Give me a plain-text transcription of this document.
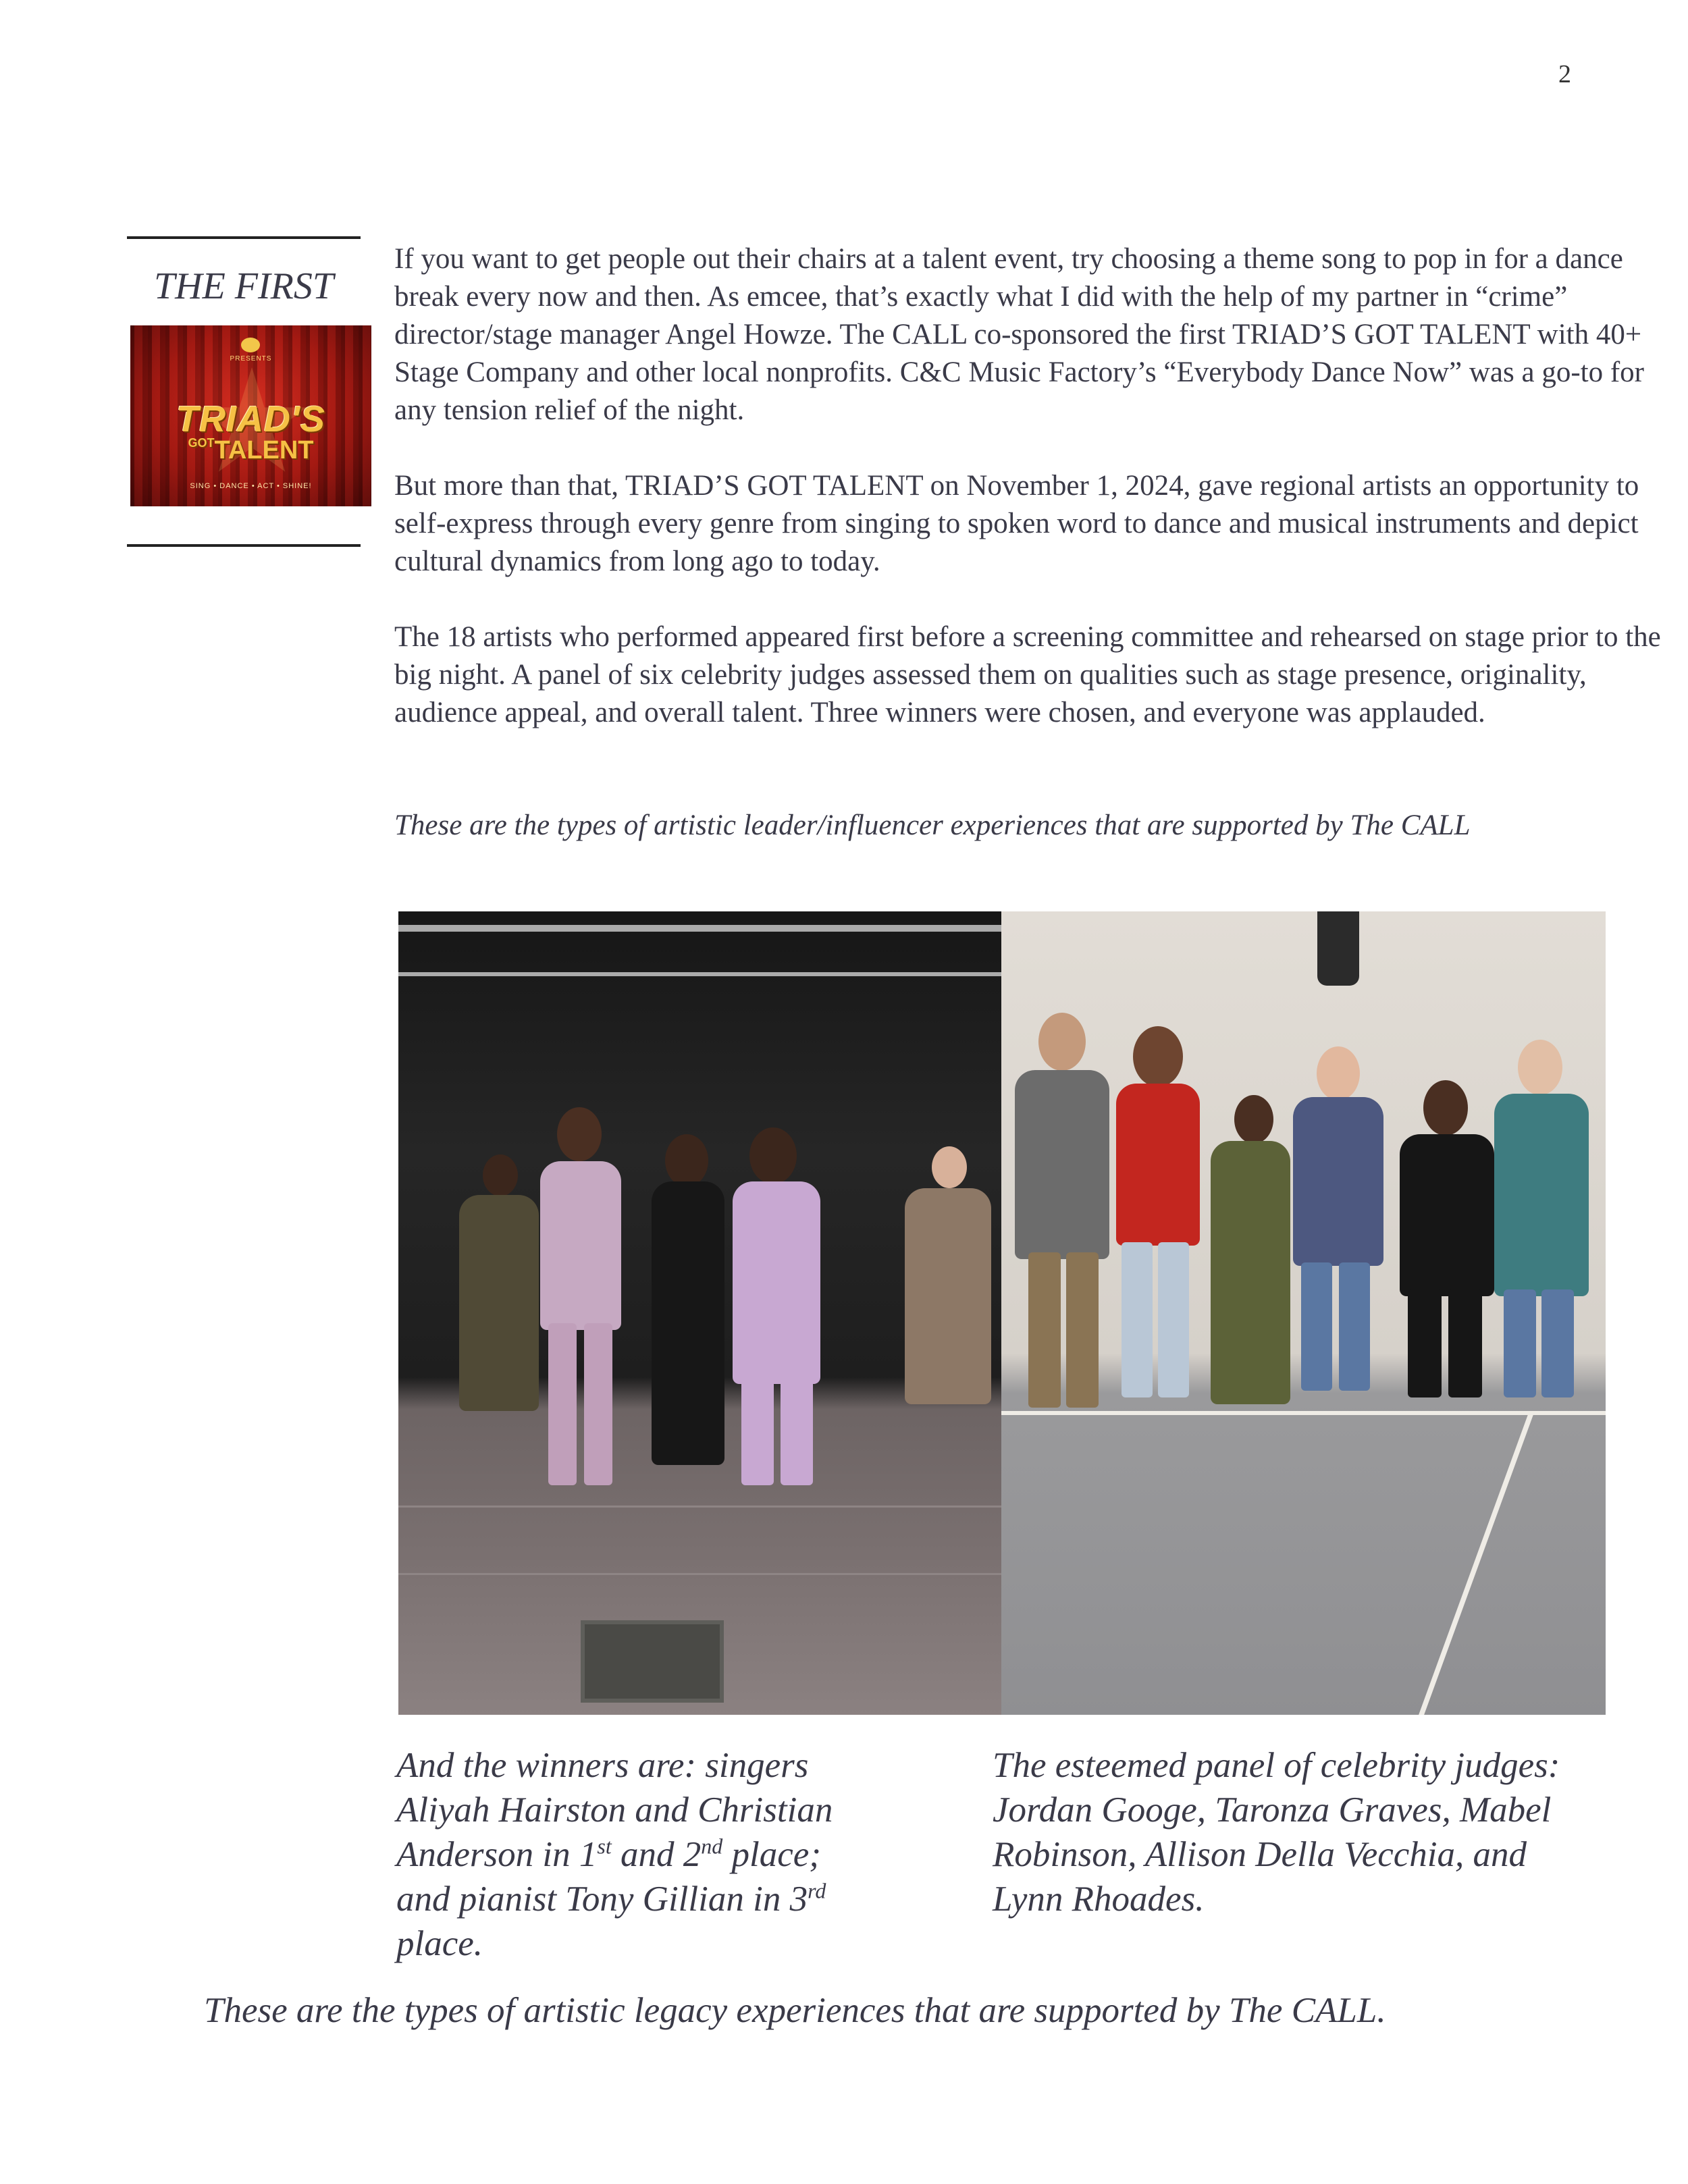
2
THE FIRST
PRESENTS
TRIAD'S
$^{GOT}$TALENT
SING • DANCE • ACT • SHINE!
If you want to get people out their chairs at a talent event, try choosing a theme song to pop in for a dance break every now and then. As emcee, that’s exactly what I did with the help of my partner in “crime” director/stage manager Angel Howze. The CALL co-sponsored the first TRIAD’S GOT TALENT with 40+ Stage Company and other local nonprofits. C&C Music Factory’s “Everybody Dance Now” was a go-to for any tension relief of the night.
But more than that, TRIAD’S GOT TALENT on November 1, 2024, gave regional artists an opportunity to self-express through every genre from singing to spoken word to dance and musical instruments and depict cultural dynamics from long ago to today.
The 18 artists who performed appeared first before a screening committee and rehearsed on stage prior to the big night. A panel of six celebrity judges assessed them on qualities such as stage presence, originality, audience appeal, and overall talent. Three winners were chosen, and everyone was applauded.
These are the types of artistic leader/influencer experiences that are supported by The CALL
And the winners are: singers Aliyah Hairston and Christian Anderson in 1st and 2nd place; and pianist Tony Gillian in 3rd place.
The esteemed panel of celebrity judges: Jordan Googe, Taronza Graves, Mabel Robinson, Allison Della Vecchia, and Lynn Rhoades.
These are the types of artistic legacy experiences that are supported by The CALL.
